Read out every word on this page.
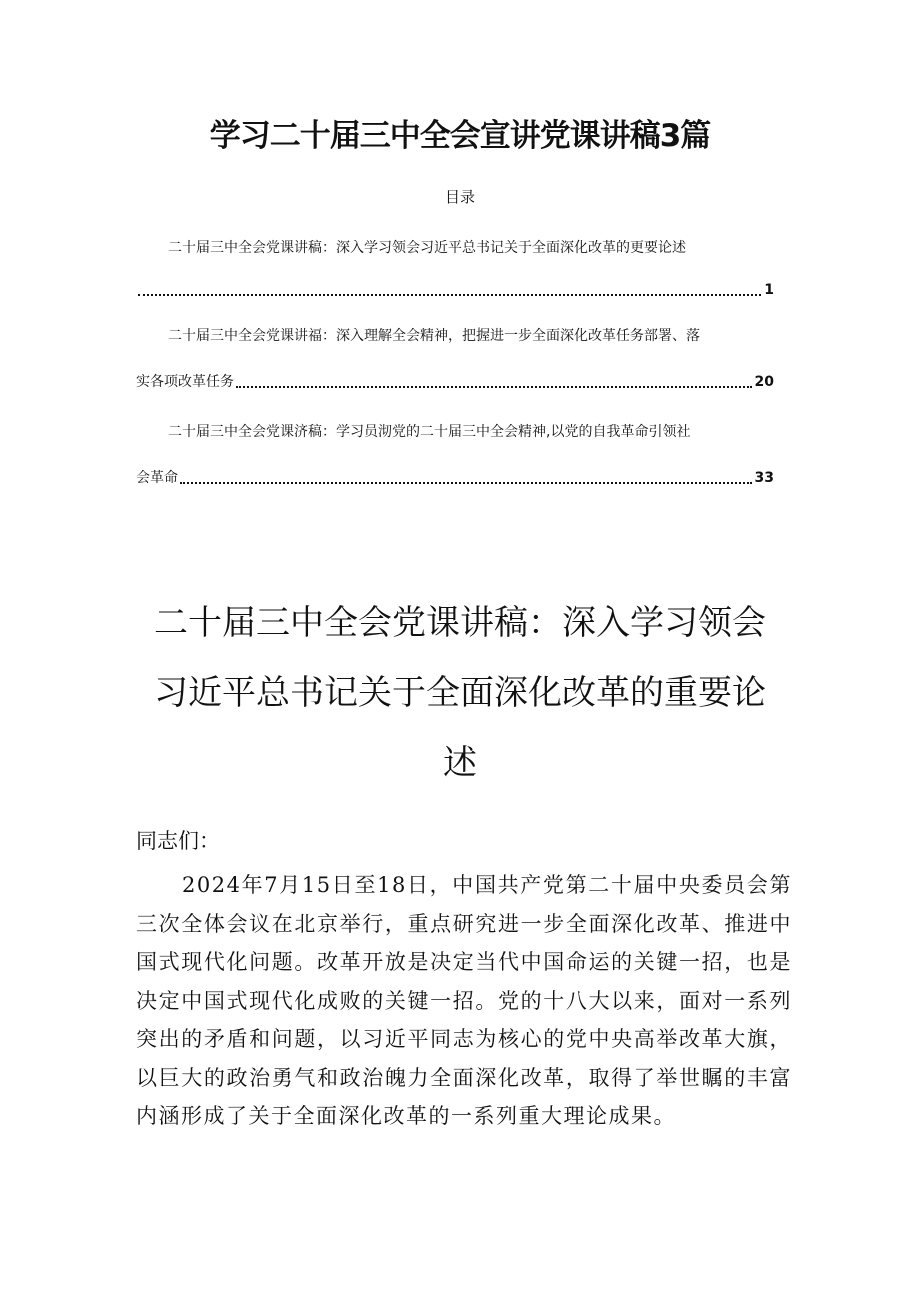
学习二十届三中全会宣讲党课讲稿3篇
目录
二十届三中全会党课讲稿：深入学习领会习近平总书记关于全面深化改革的更要论述
1
二十届三中全会党课讲福：深入理解全会精神，把握进一步全面深化改革任务部署、落
实各项改革任务	20
二十届三中全会党课济稿：学习员沏党的二十届三中全会精神,以党的自我革命引领社
会革命	33
二十届三中全会党课讲稿：深入学习领会
习近平总书记关于全面深化改革的重要论
述
同志们：

2024年7月15日至18日，中国共产党第二十届中央委员会第三次全体会议在北京举行，重点研究进一步全面深化改革、推进中国式现代化问题。改革开放是决定当代中国命运的关键一招，也是决定中国式现代化成败的关键一招。党的十八大以来，面对一系列突出的矛盾和问题，以习近平同志为核心的党中央高举改革大旗，以巨大的政治勇气和政治魄力全面深化改革，取得了举世瞩的丰富内涵形成了关于全面深化改革的一系列重大理论成果。
